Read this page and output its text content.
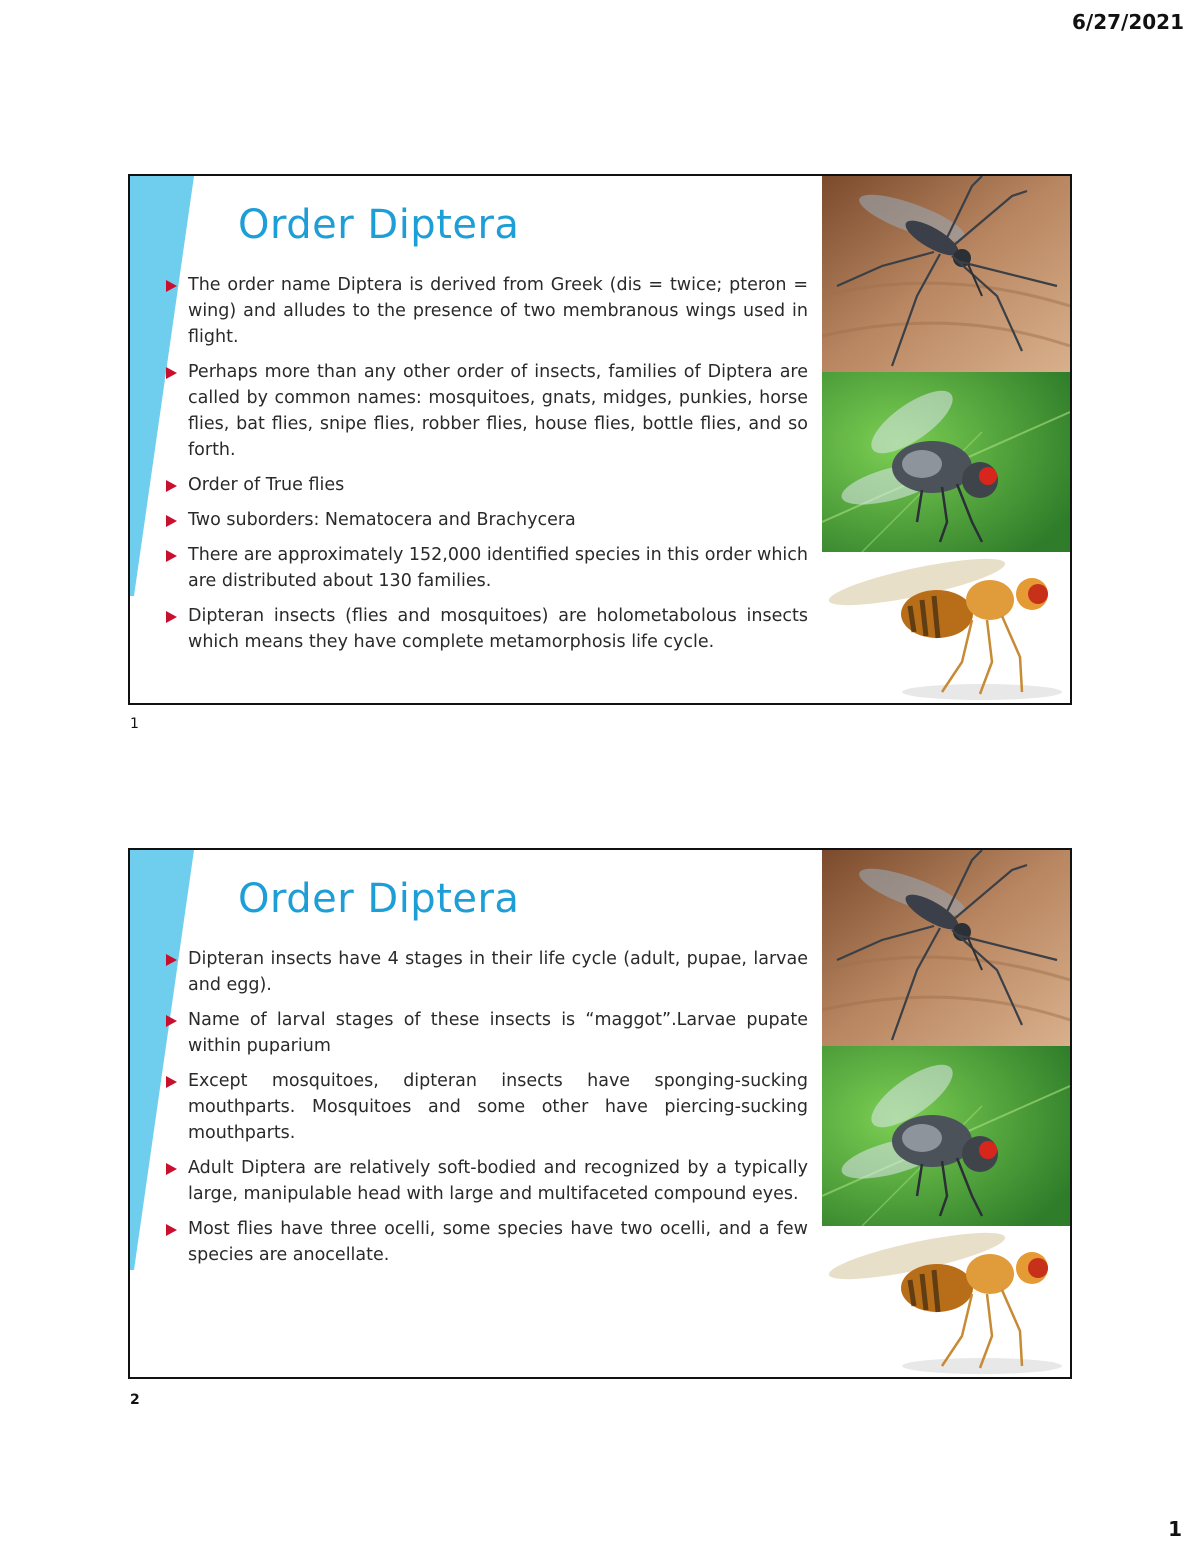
6/27/2021
Order Diptera
The order name Diptera is derived from Greek (dis = twice; pteron = wing) and alludes to the presence of two membranous wings used in flight.
Perhaps more than any other order of insects, families of Diptera are called by common names: mosquitoes, gnats, midges, punkies, horse flies, bat flies, snipe flies, robber flies, house flies, bottle flies, and so forth.
Order of True flies
Two suborders: Nematocera and Brachycera
There are approximately 152,000 identified species in this order which are distributed about 130 families.
Dipteran insects (flies and mosquitoes) are holometabolous insects which means they have complete metamorphosis life cycle.
1
Order Diptera
Dipteran insects have 4 stages in their life cycle (adult, pupae, larvae and egg).
Name of larval stages of these insects is “maggot”.Larvae pupate within puparium
Except mosquitoes, dipteran insects have sponging-sucking mouthparts. Mosquitoes and some other have piercing-sucking mouthparts.
Adult Diptera are relatively soft-bodied and recognized by a typically large, manipulable head with large and multifaceted compound eyes.
Most flies have three ocelli, some species have two ocelli, and a few species are anocellate.
2
1
